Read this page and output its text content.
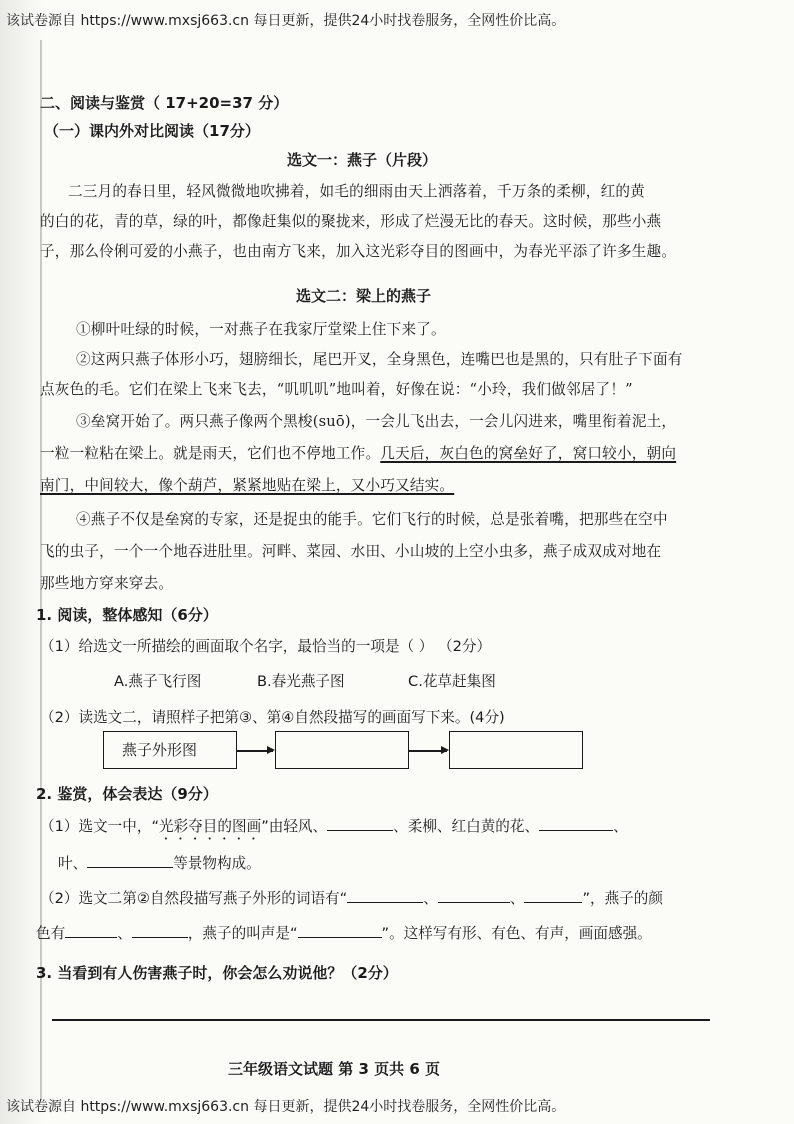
该试卷源自 https://www.mxsj663.cn 每日更新，提供24小时找卷服务，全网性价比高。
二、阅读与鉴赏（ 17+20=37 分）
（一）课内外对比阅读（17分）
选文一：燕子（片段）
二三月的春日里，轻风微微地吹拂着，如毛的细雨由天上洒落着，千万条的柔柳，红的黄
的白的花，青的草，绿的叶，都像赶集似的聚拢来，形成了烂漫无比的春天。这时候，那些小燕
子，那么伶俐可爱的小燕子，也由南方飞来，加入这光彩夺目的图画中，为春光平添了许多生趣。
选文二：梁上的燕子
①柳叶吐绿的时候，一对燕子在我家厅堂梁上住下来了。
②这两只燕子体形小巧，翅膀细长，尾巴开叉，全身黑色，连嘴巴也是黑的，只有肚子下面有
点灰色的毛。它们在梁上飞来飞去，“叽叽叽”地叫着，好像在说：“小玲，我们做邻居了！”
③垒窝开始了。两只燕子像两个黑梭(suō)，一会儿飞出去，一会儿闪进来，嘴里衔着泥土，
一粒一粒粘在梁上。就是雨天，它们也不停地工作。几天后，灰白色的窝垒好了，窝口较小，朝向
南门，中间较大，像个葫芦，紧紧地贴在梁上，又小巧又结实。
④燕子不仅是垒窝的专家，还是捉虫的能手。它们飞行的时候，总是张着嘴，把那些在空中
飞的虫子，一个一个地吞进肚里。河畔、菜园、水田、小山坡的上空小虫多，燕子成双成对地在
那些地方穿来穿去。
1. 阅读，整体感知（6分）
（1）给选文一所描绘的画面取个名字，最恰当的一项是（ ） （2分）
A.燕子飞行图	B.春光燕子图	C.花草赶集图
（2）读选文二，请照样子把第③、第④自然段描写的画面写下来。(4分)
燕子外形图
2. 鉴赏，体会表达（9分）
（1）选文一中，“光彩夺目的图画”由轻风、	、柔柳、红白黄的花、	、
叶、	等景物构成。
（2）选文二第②自然段描写燕子外形的词语有“	、	、	”，燕子的颜
色有	、	，燕子的叫声是“	”。这样写有形、有色、有声，画面感强。
3. 当看到有人伤害燕子时，你会怎么劝说他？（2分）
三年级语文试题 第 3 页共 6 页
该试卷源自 https://www.mxsj663.cn 每日更新，提供24小时找卷服务，全网性价比高。
